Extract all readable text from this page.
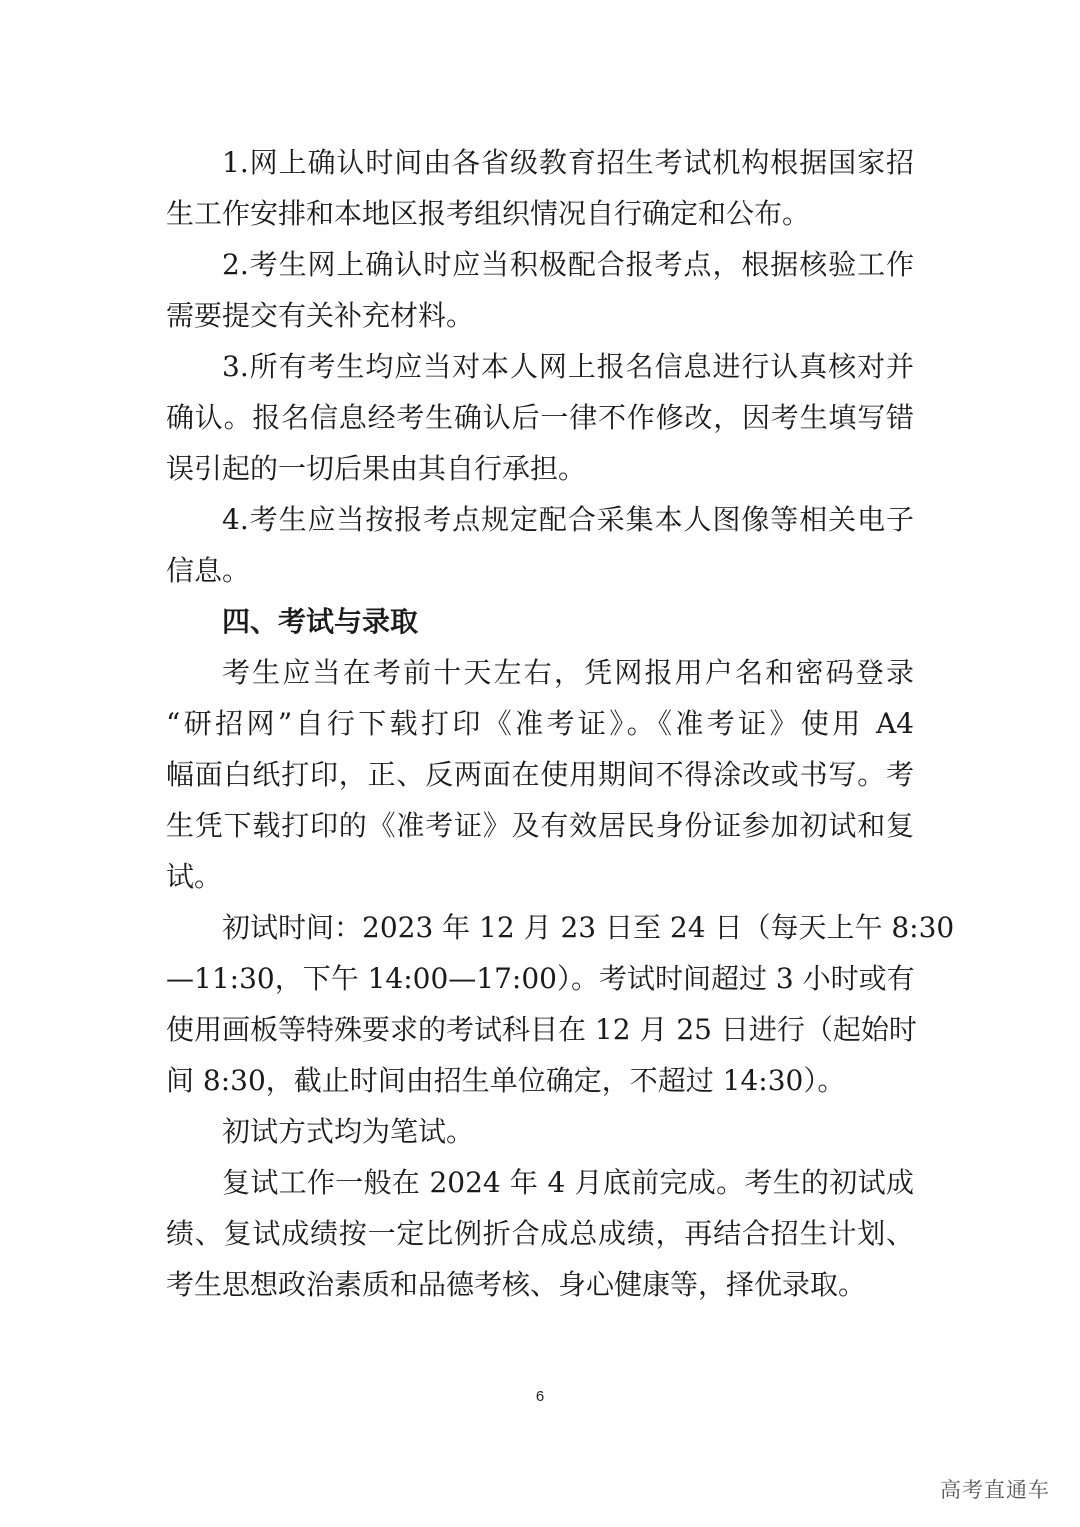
1.网上确认时间由各省级教育招生考试机构根据国家招
生工作安排和本地区报考组织情况自行确定和公布。
2.考生网上确认时应当积极配合报考点，根据核验工作
需要提交有关补充材料。
3.所有考生均应当对本人网上报名信息进行认真核对并
确认。报名信息经考生确认后一律不作修改，因考生填写错
误引起的一切后果由其自行承担。
4.考生应当按报考点规定配合采集本人图像等相关电子
信息。
四、考试与录取
考生应当在考前十天左右，凭网报用户名和密码登录
“研招网”自行下载打印《准考证》。《准考证》使用 A4
幅面白纸打印，正、反两面在使用期间不得涂改或书写。考
生凭下载打印的《准考证》及有效居民身份证参加初试和复
试。
初试时间：2023 年 12 月 23 日至 24 日（每天上午 8:30
—11:30，下午 14:00—17:00）。考试时间超过 3 小时或有
使用画板等特殊要求的考试科目在 12 月 25 日进行（起始时
间 8:30，截止时间由招生单位确定，不超过 14:30）。
初试方式均为笔试。
复试工作一般在 2024 年 4 月底前完成。考生的初试成
绩、复试成绩按一定比例折合成总成绩，再结合招生计划、
考生思想政治素质和品德考核、身心健康等，择优录取。
6
高考直通车
